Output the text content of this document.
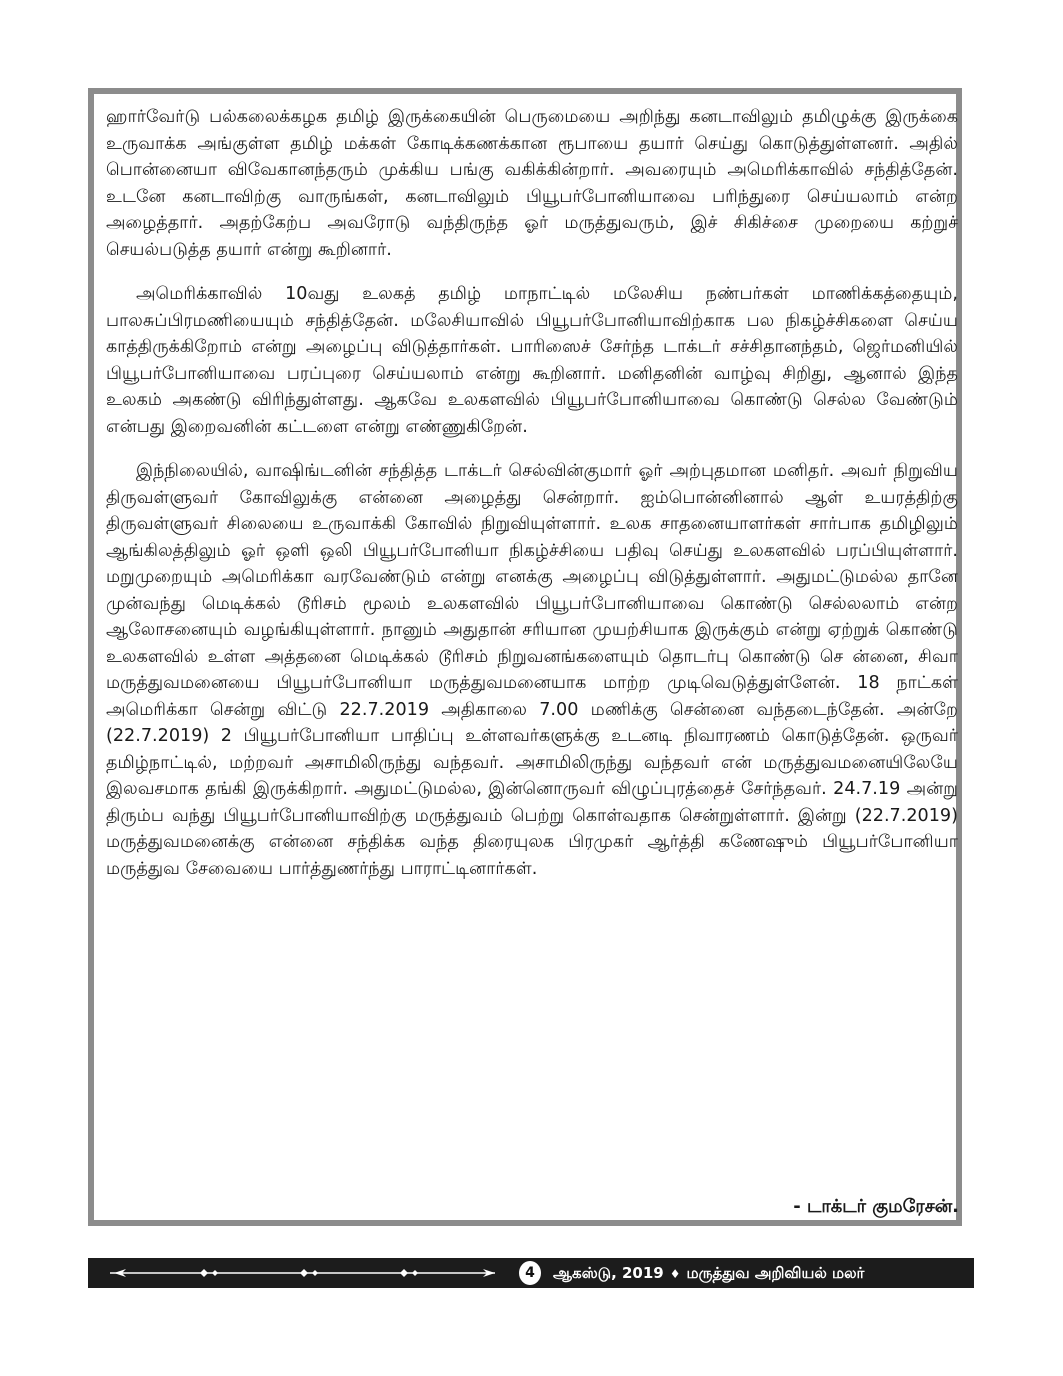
ஹார்வேர்டு பல்கலைக்கழக தமிழ் இருக்கையின் பெருமையை அறிந்து கனடாவிலும் தமிழுக்கு இருக்கை உருவாக்க அங்குள்ள தமிழ் மக்கள் கோடிக்கணக்கான ரூபாயை தயார் செய்து கொடுத்துள்ளனர். அதில் பொன்னையா விவேகானந்தரும் முக்கிய பங்கு வகிக்கின்றார். அவரையும் அமெரிக்காவில் சந்தித்தேன். உடனே கனடாவிற்கு வாருங்கள், கனடாவிலும் பியூபர்போனியாவை பரிந்துரை செய்யலாம் என்ற அழைத்தார். அதற்கேற்ப அவரோடு வந்திருந்த ஓர் மருத்துவரும், இச் சிகிச்சை முறையை கற்றுச் செயல்படுத்த தயார் என்று கூறினார்.

அமெரிக்காவில் 10வது உலகத் தமிழ் மாநாட்டில் மலேசிய நண்பர்கள் மாணிக்கத்தையும், பாலசுப்பிரமணியையும் சந்தித்தேன். மலேசியாவில் பியூபர்போனியாவிற்காக பல நிகழ்ச்சிகளை செய்ய காத்திருக்கிறோம் என்று அழைப்பு விடுத்தார்கள். பாரிஸைச் சேர்ந்த டாக்டர் சச்சிதானந்தம், ஜெர்மனியில் பியூபர்போனியாவை பரப்புரை செய்யலாம் என்று கூறினார். மனிதனின் வாழ்வு சிறிது, ஆனால் இந்த உலகம் அகண்டு விரிந்துள்ளது. ஆகவே உலகளவில் பியூபர்போனியாவை கொண்டு செல்ல வேண்டும் என்பது இறைவனின் கட்டளை என்று எண்ணுகிறேன்.

இந்நிலையில், வாஷிங்டனின் சந்தித்த டாக்டர் செல்வின்குமார் ஓர் அற்புதமான மனிதர். அவர் நிறுவிய திருவள்ளுவர் கோவிலுக்கு என்னை அழைத்து சென்றார். ஐம்பொன்னினால் ஆள் உயரத்திற்கு திருவள்ளுவர் சிலையை உருவாக்கி கோவில் நிறுவியுள்ளார். உலக சாதனையாளர்கள் சார்பாக தமிழிலும் ஆங்கிலத்திலும் ஓர் ஒளி ஒலி பியூபர்போனியா நிகழ்ச்சியை பதிவு செய்து உலகளவில் பரப்பியுள்ளார். மறுமுறையும் அமெரிக்கா வரவேண்டும் என்று எனக்கு அழைப்பு விடுத்துள்ளார். அதுமட்டுமல்ல தானே முன்வந்து மெடிக்கல் டூரிசம் மூலம் உலகளவில் பியூபர்போனியாவை கொண்டு செல்லலாம் என்ற ஆலோசனையும் வழங்கியுள்ளார். நானும் அதுதான் சரியான முயற்சியாக இருக்கும் என்று ஏற்றுக் கொண்டு உலகளவில் உள்ள அத்தனை மெடிக்கல் டூரிசம் நிறுவனங்களையும் தொடர்பு கொண்டு செ ன்னை, சிவா மருத்துவமனையை பியூபர்போனியா மருத்துவமனையாக மாற்ற முடிவெடுத்துள்ளேன். 18 நாட்கள் அமெரிக்கா சென்று விட்டு 22.7.2019 அதிகாலை 7.00 மணிக்கு சென்னை வந்தடைந்தேன். அன்றே (22.7.2019) 2 பியூபர்போனியா பாதிப்பு உள்ளவர்களுக்கு உடனடி நிவாரணம் கொடுத்தேன். ஒருவர் தமிழ்நாட்டில், மற்றவர் அசாமிலிருந்து வந்தவர். அசாமிலிருந்து வந்தவர் என் மருத்துவமனையிலேயே இலவசமாக தங்கி இருக்கிறார். அதுமட்டுமல்ல, இன்னொருவர் விழுப்புரத்தைச் சேர்ந்தவர். 24.7.19 அன்று திரும்ப வந்து பியூபர்போனியாவிற்கு மருத்துவம் பெற்று கொள்வதாக சென்றுள்ளார். இன்று (22.7.2019) மருத்துவமனைக்கு என்னை சந்திக்க வந்த திரையுலக பிரமுகர் ஆர்த்தி கணேஷும் பியூபர்போனியா மருத்துவ சேவையை பார்த்துணர்ந்து பாராட்டினார்கள்.

- டாக்டர் குமரேசன்.
4	ஆகஸ்டு, 2019 ♦ மருத்துவ அறிவியல் மலர்
